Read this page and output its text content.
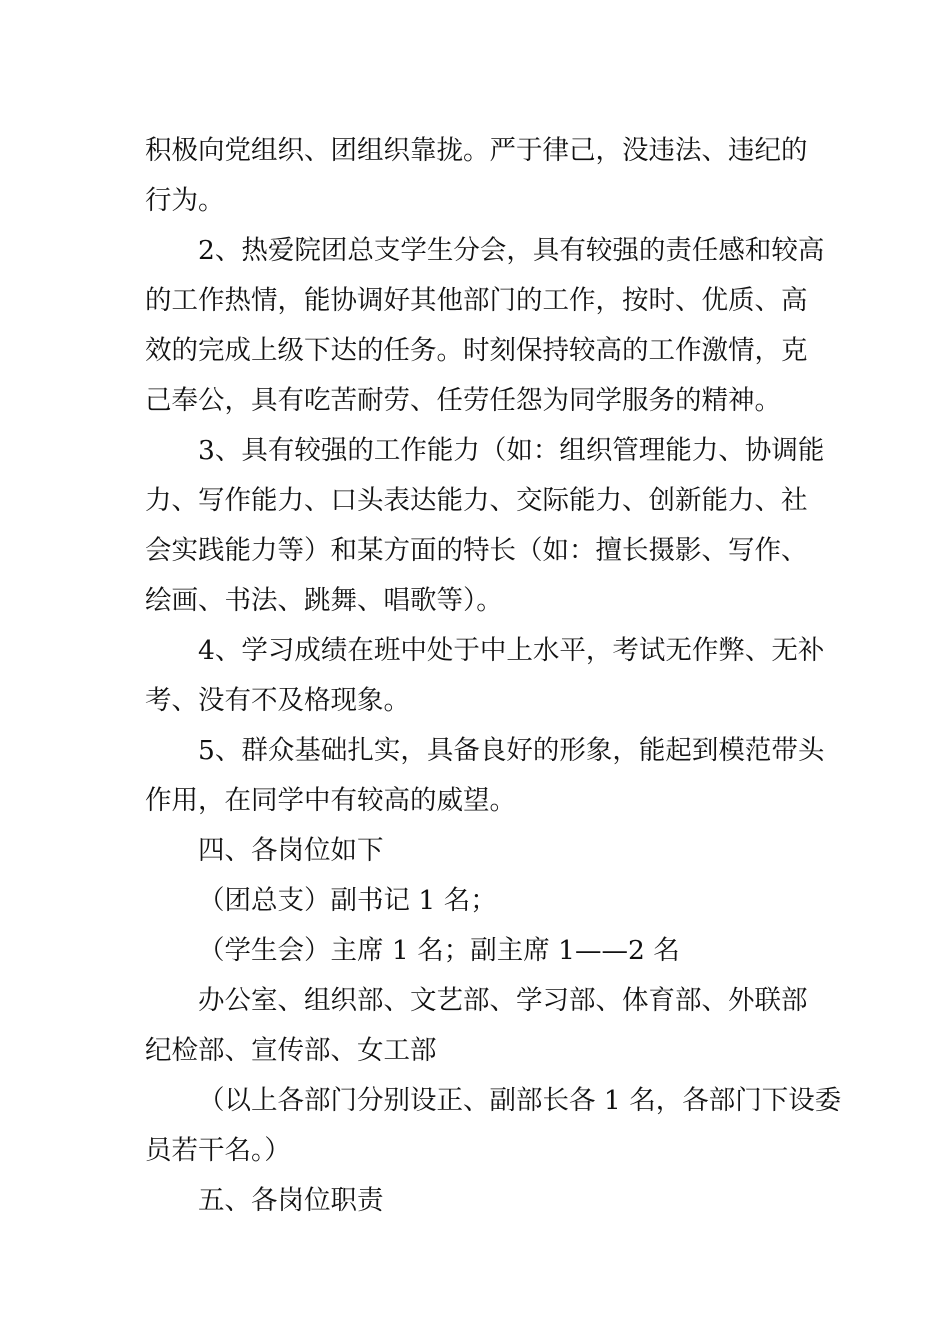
积极向党组织、团组织靠拢。严于律己，没违法、违纪的
行为。
2、热爱院团总支学生分会，具有较强的责任感和较高
的工作热情，能协调好其他部门的工作，按时、优质、高
效的完成上级下达的任务。时刻保持较高的工作激情，克
己奉公，具有吃苦耐劳、任劳任怨为同学服务的精神。
3、具有较强的工作能力（如：组织管理能力、协调能
力、写作能力、口头表达能力、交际能力、创新能力、社
会实践能力等）和某方面的特长（如：擅长摄影、写作、
绘画、书法、跳舞、唱歌等）。
4、学习成绩在班中处于中上水平，考试无作弊、无补
考、没有不及格现象。
5、群众基础扎实，具备良好的形象，能起到模范带头
作用，在同学中有较高的威望。
四、各岗位如下
（团总支）副书记 1 名；
（学生会）主席 1 名；副主席 1——2 名
办公室、组织部、文艺部、学习部、体育部、外联部
纪检部、宣传部、女工部
（以上各部门分别设正、副部长各 1 名，各部门下设委
员若干名。）
五、各岗位职责
